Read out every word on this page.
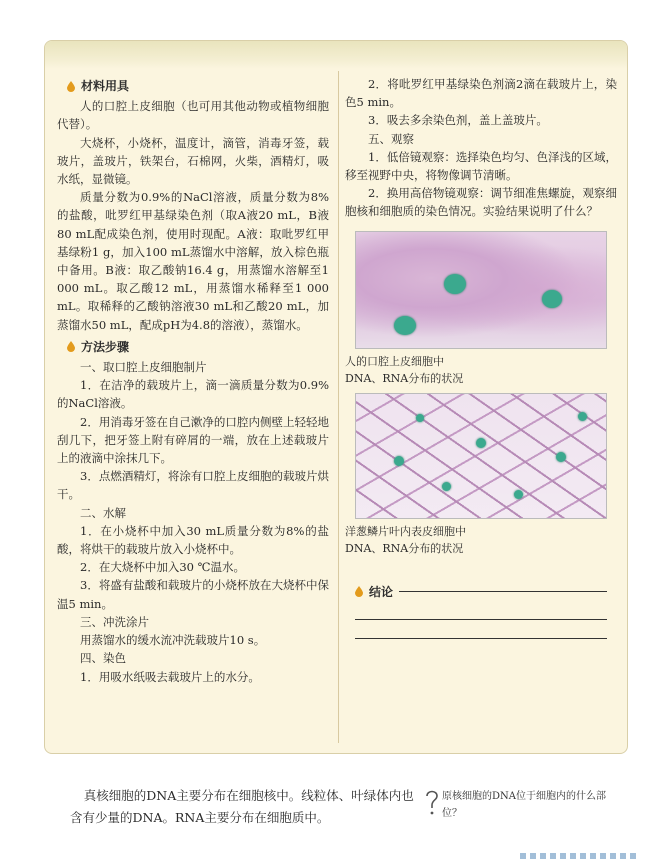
材料用具

人的口腔上皮细胞（也可用其他动物或植物细胞代替）。

大烧杯，小烧杯，温度计，滴管，消毒牙签，载玻片，盖玻片，铁架台，石棉网，火柴，酒精灯，吸水纸，显微镜。

质量分数为0.9%的NaCl溶液，质量分数为8%的盐酸，吡罗红甲基绿染色剂（取A液20 mL，B液80 mL配成染色剂，使用时现配。A液：取吡罗红甲基绿粉1 g，加入100 mL蒸馏水中溶解，放入棕色瓶中备用。B液：取乙酸钠16.4 g，用蒸馏水溶解至1 000 mL。取乙酸12 mL，用蒸馏水稀释至1 000 mL。取稀释的乙酸钠溶液30 mL和乙酸20 mL，加蒸馏水50 mL，配成pH为4.8的溶液），蒸馏水。

方法步骤

一、取口腔上皮细胞制片

1．在洁净的载玻片上，滴一滴质量分数为0.9%的NaCl溶液。

2．用消毒牙签在自己漱净的口腔内侧壁上轻轻地刮几下，把牙签上附有碎屑的一端，放在上述载玻片上的液滴中涂抹几下。

3．点燃酒精灯，将涂有口腔上皮细胞的载玻片烘干。

二、水解

1．在小烧杯中加入30 mL质量分数为8%的盐酸，将烘干的载玻片放入小烧杯中。

2．在大烧杯中加入30 ℃温水。

3．将盛有盐酸和载玻片的小烧杯放在大烧杯中保温5 min。

三、冲洗涂片

用蒸馏水的缓水流冲洗载玻片10 s。

四、染色

1．用吸水纸吸去载玻片上的水分。

2．将吡罗红甲基绿染色剂滴2滴在载玻片上，染色5 min。

3．吸去多余染色剂，盖上盖玻片。

五、观察

1．低倍镜观察：选择染色均匀、色泽浅的区域，移至视野中央，将物像调节清晰。

2．换用高倍物镜观察：调节细准焦螺旋，观察细胞核和细胞质的染色情况。实验结果说明了什么？

人的口腔上皮细胞中

DNA、RNA分布的状况

洋葱鳞片叶内表皮细胞中

DNA、RNA分布的状况

结论

真核细胞的DNA主要分布在细胞核中。线粒体、叶绿体内也含有少量的DNA。RNA主要分布在细胞质中。

原核细胞的DNA位于细胞内的什么部位？
